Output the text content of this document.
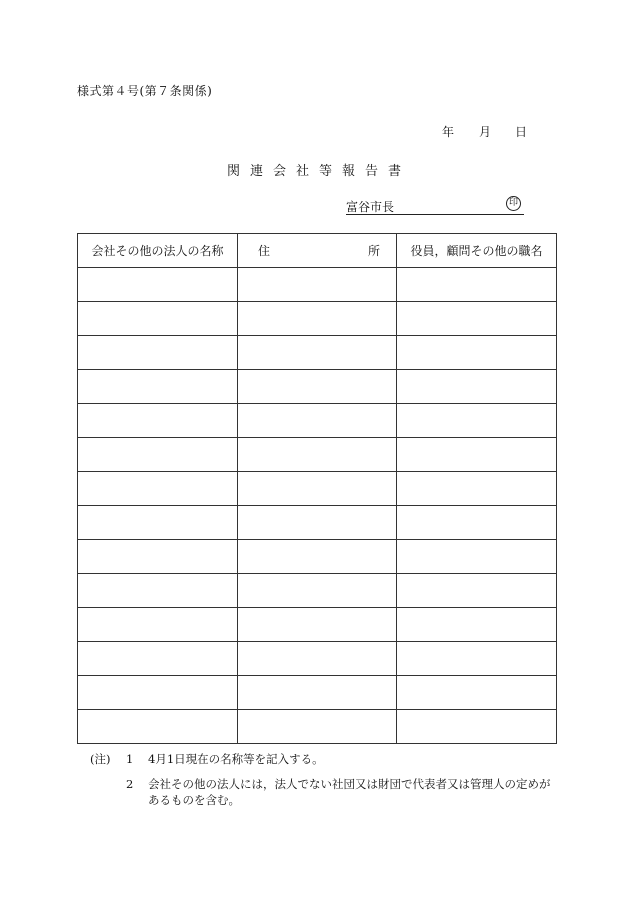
様式第４号(第７条関係)
年	月	日
関連会社等報告書
富谷市長	印
会社その他の法人の名称	住 所	役員，顧問その他の職名

(注)	1	4月1日現在の名称等を記入する。
2	会社その他の法人には，法人でない社団又は財団で代表者又は管理人の定めがあるものを含む。
